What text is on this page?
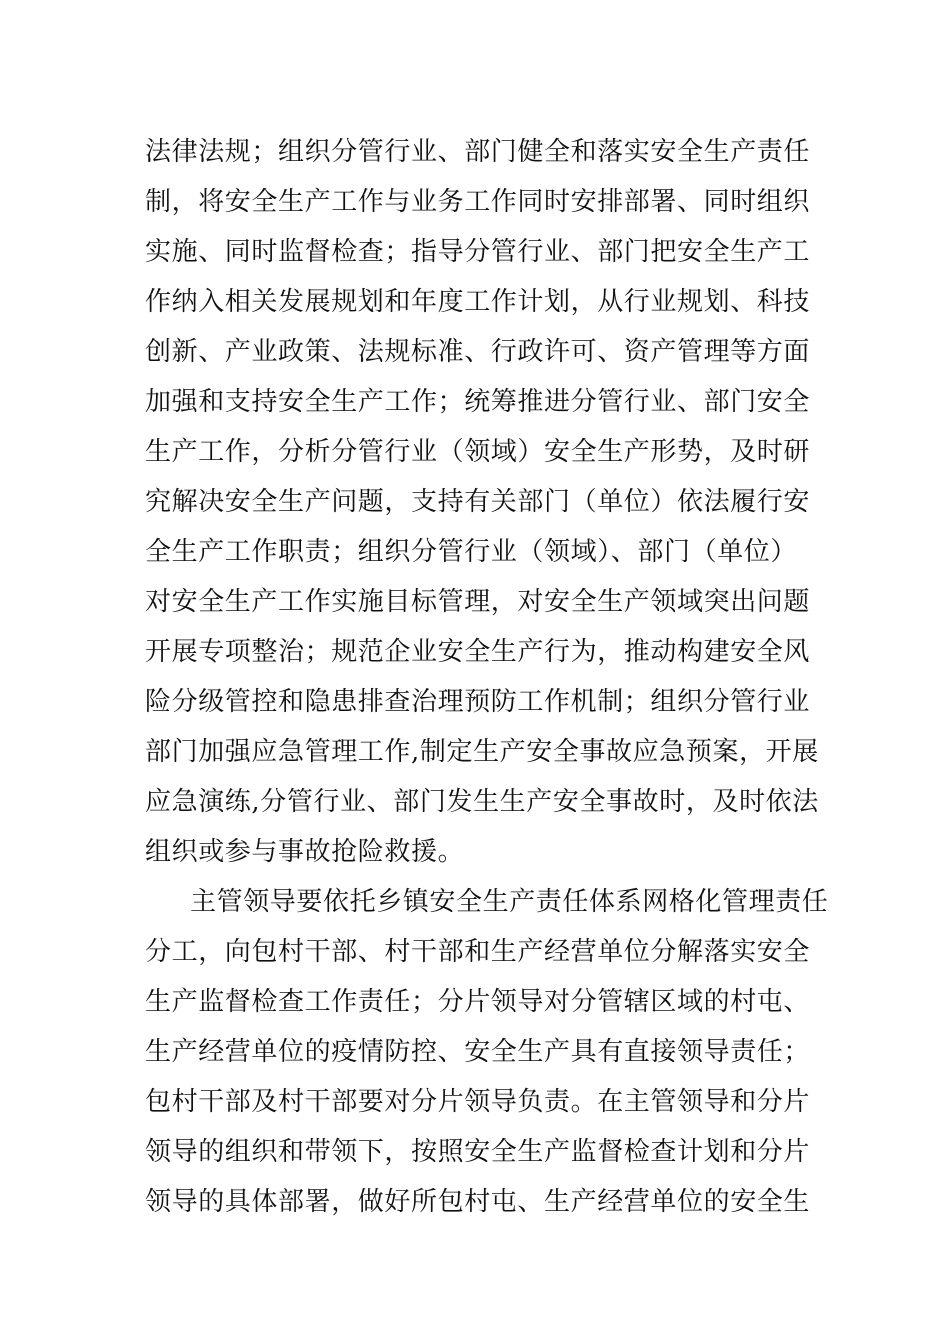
法律法规；组织分管行业、部门健全和落实安全生产责任
制，将安全生产工作与业务工作同时安排部署、同时组织
实施、同时监督检查；指导分管行业、部门把安全生产工
作纳入相关发展规划和年度工作计划，从行业规划、科技
创新、产业政策、法规标准、行政许可、资产管理等方面
加强和支持安全生产工作；统筹推进分管行业、部门安全
生产工作，分析分管行业（领域）安全生产形势，及时研
究解决安全生产问题，支持有关部门（单位）依法履行安
全生产工作职责；组织分管行业（领域）、部门（单位）
对安全生产工作实施目标管理，对安全生产领域突出问题
开展专项整治；规范企业安全生产行为，推动构建安全风
险分级管控和隐患排查治理预防工作机制；组织分管行业
部门加强应急管理工作,制定生产安全事故应急预案，开展
应急演练,分管行业、部门发生生产安全事故时，及时依法
组织或参与事故抢险救援。
主管领导要依托乡镇安全生产责任体系网格化管理责任
分工，向包村干部、村干部和生产经营单位分解落实安全
生产监督检查工作责任；分片领导对分管辖区域的村屯、
生产经营单位的疫情防控、安全生产具有直接领导责任；
包村干部及村干部要对分片领导负责。在主管领导和分片
领导的组织和带领下，按照安全生产监督检查计划和分片
领导的具体部署，做好所包村屯、生产经营单位的安全生
